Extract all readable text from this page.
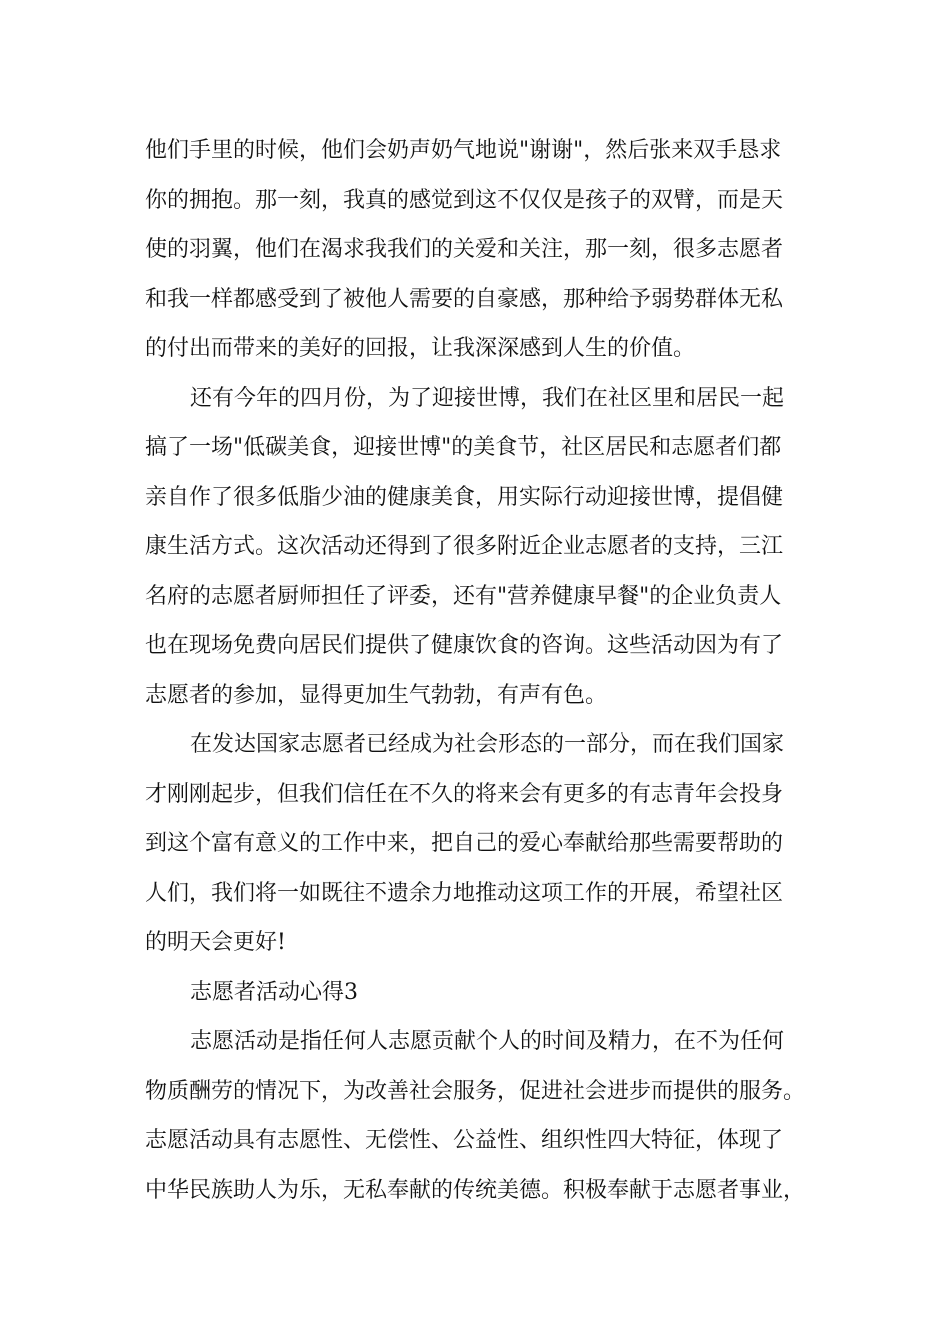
他们手里的时候，他们会奶声奶气地说"谢谢"，然后张来双手恳求
你的拥抱。那一刻，我真的感觉到这不仅仅是孩子的双臂，而是天
使的羽翼，他们在渴求我我们的关爱和关注，那一刻，很多志愿者
和我一样都感受到了被他人需要的自豪感，那种给予弱势群体无私
的付出而带来的美好的回报，让我深深感到人生的价值。
还有今年的四月份，为了迎接世博，我们在社区里和居民一起
搞了一场"低碳美食，迎接世博"的美食节，社区居民和志愿者们都
亲自作了很多低脂少油的健康美食，用实际行动迎接世博，提倡健
康生活方式。这次活动还得到了很多附近企业志愿者的支持，三江
名府的志愿者厨师担任了评委，还有"营养健康早餐"的企业负责人
也在现场免费向居民们提供了健康饮食的咨询。这些活动因为有了
志愿者的参加，显得更加生气勃勃，有声有色。
在发达国家志愿者已经成为社会形态的一部分，而在我们国家
才刚刚起步，但我们信任在不久的将来会有更多的有志青年会投身
到这个富有意义的工作中来，把自己的爱心奉献给那些需要帮助的
人们，我们将一如既往不遗余力地推动这项工作的开展，希望社区
的明天会更好!
志愿者活动心得3
志愿活动是指任何人志愿贡献个人的时间及精力，在不为任何
物质酬劳的情况下，为改善社会服务，促进社会进步而提供的服务。
志愿活动具有志愿性、无偿性、公益性、组织性四大特征，体现了
中华民族助人为乐，无私奉献的传统美德。积极奉献于志愿者事业，
